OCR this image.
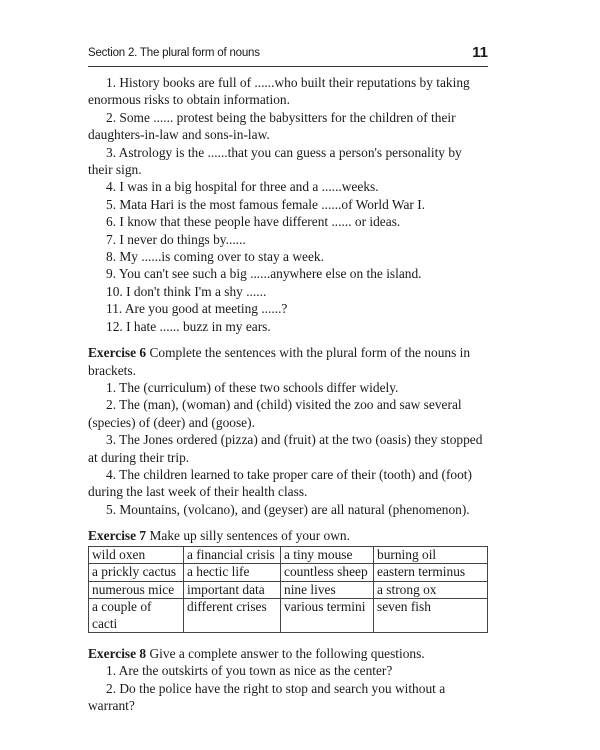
Section 2. The plural form of nouns	11

1. History books are full of ......who built their reputations by taking enormous risks to obtain information.

2. Some ...... protest being the babysitters for the children of their daughters-in-law and sons-in-law.

3. Astrology is the ......that you can guess a person's personality by their sign.

4. I was in a big hospital for three and a ......weeks.

5. Mata Hari is the most famous female ......of World War I.

6. I know that these people have different ...... or ideas.

7. I never do things by......

8. My ......is coming over to stay a week.

9. You can't see such a big ......anywhere else on the island.

10. I don't think I'm a shy ......

11. Are you good at meeting ......?

12. I hate ...... buzz in my ears.

Exercise 6 Complete the sentences with the plural form of the nouns in brackets.

1. The (curriculum) of these two schools differ widely.

2. The (man), (woman) and (child) visited the zoo and saw several (species) of (deer) and (goose).

3. The Jones ordered (pizza) and (fruit) at the two (oasis) they stopped at during their trip.

4. The children learned to take proper care of their (tooth) and (foot) during the last week of their health class.

5. Mountains, (volcano), and (geyser) are all natural (phenomenon).

Exercise 7 Make up silly sentences of your own.

wild oxen	a financial crisis	a tiny mouse	burning oil
a prickly cactus	a hectic life	countless sheep	eastern terminus
numerous mice	important data	nine lives	a strong ox
a couple of cacti	different crises	various termini	seven fish

Exercise 8 Give a complete answer to the following questions.

1. Are the outskirts of you town as nice as the center?

2. Do the police have the right to stop and search you without a warrant?
